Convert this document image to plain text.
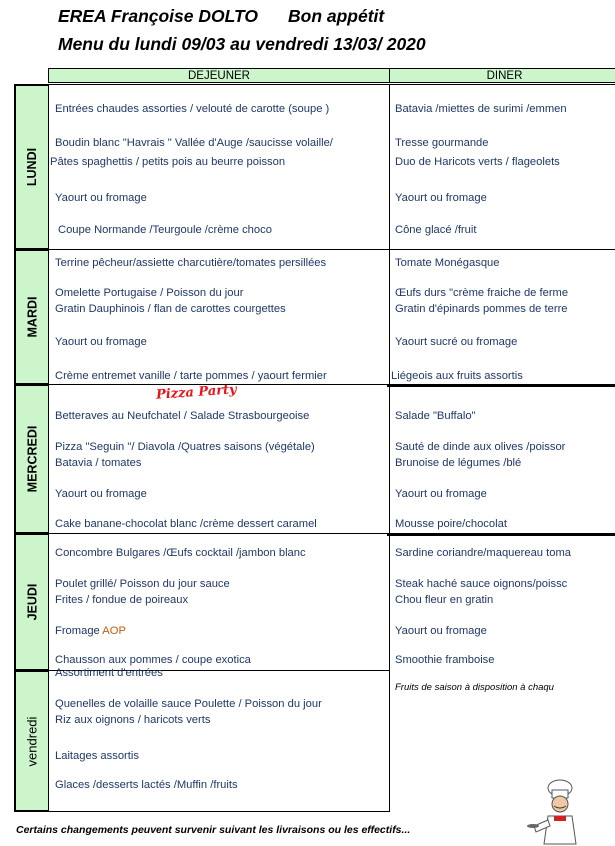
EREA Françoise DOLTO Bon appétit
Menu du lundi 09/03 au vendredi 13/03/ 2020
DEJEUNER	DINER
LUNDI
Entrées chaudes assorties / velouté de carotte (soupe )
Boudin blanc "Havrais " Vallée d'Auge /saucisse volaille/
Pâtes spaghettis / petits pois au beurre poisson
Yaourt ou fromage
Coupe Normande /Teurgoule /crème choco
Batavia /miettes de surimi /emmen
Tresse gourmande
Duo de Haricots verts / flageolets
Yaourt ou fromage
Cône glacé /fruit
MARDI
Terrine pêcheur/assiette charcutière/tomates persillées
Omelette Portugaise / Poisson du jour
Gratin Dauphinois / flan de carottes courgettes
Yaourt ou fromage
Crème entremet vanille / tarte pommes / yaourt fermier
Tomate Monégasque
Œufs durs "crème fraiche de ferme
Gratin d'épinards pommes de terre
Yaourt sucré ou fromage
Liégeois aux fruits assortis
MERCREDI
Betteraves au Neufchatel / Salade Strasbourgeoise
Pizza "Seguin "/ Diavola /Quatres saisons (végétale)
Batavia / tomates
Yaourt ou fromage
Cake banane-chocolat blanc /crème dessert caramel
Salade "Buffalo"
Sauté de dinde aux olives /poissor
Brunoise de légumes /blé
Yaourt ou fromage
Mousse poire/chocolat
JEUDI
Concombre Bulgares /Œufs cocktail /jambon blanc
Poulet grillé/ Poisson du jour sauce
Frites / fondue de poireaux
Fromage AOP
Chausson aux pommes / coupe exotica
Sardine coriandre/maquereau toma
Steak haché sauce oignons/poissc
Chou fleur en gratin
Yaourt ou fromage
Smoothie framboise
vendredi
Assortiment d'entrées
Quenelles de volaille sauce Poulette / Poisson du jour
Riz aux oignons / haricots verts
Laitages assortis
Glaces /desserts lactés /Muffin /fruits
Fruits de saison à disposition à chaqu
Pizza Party
Certains changements peuvent survenir suivant les livraisons ou les effectifs...
